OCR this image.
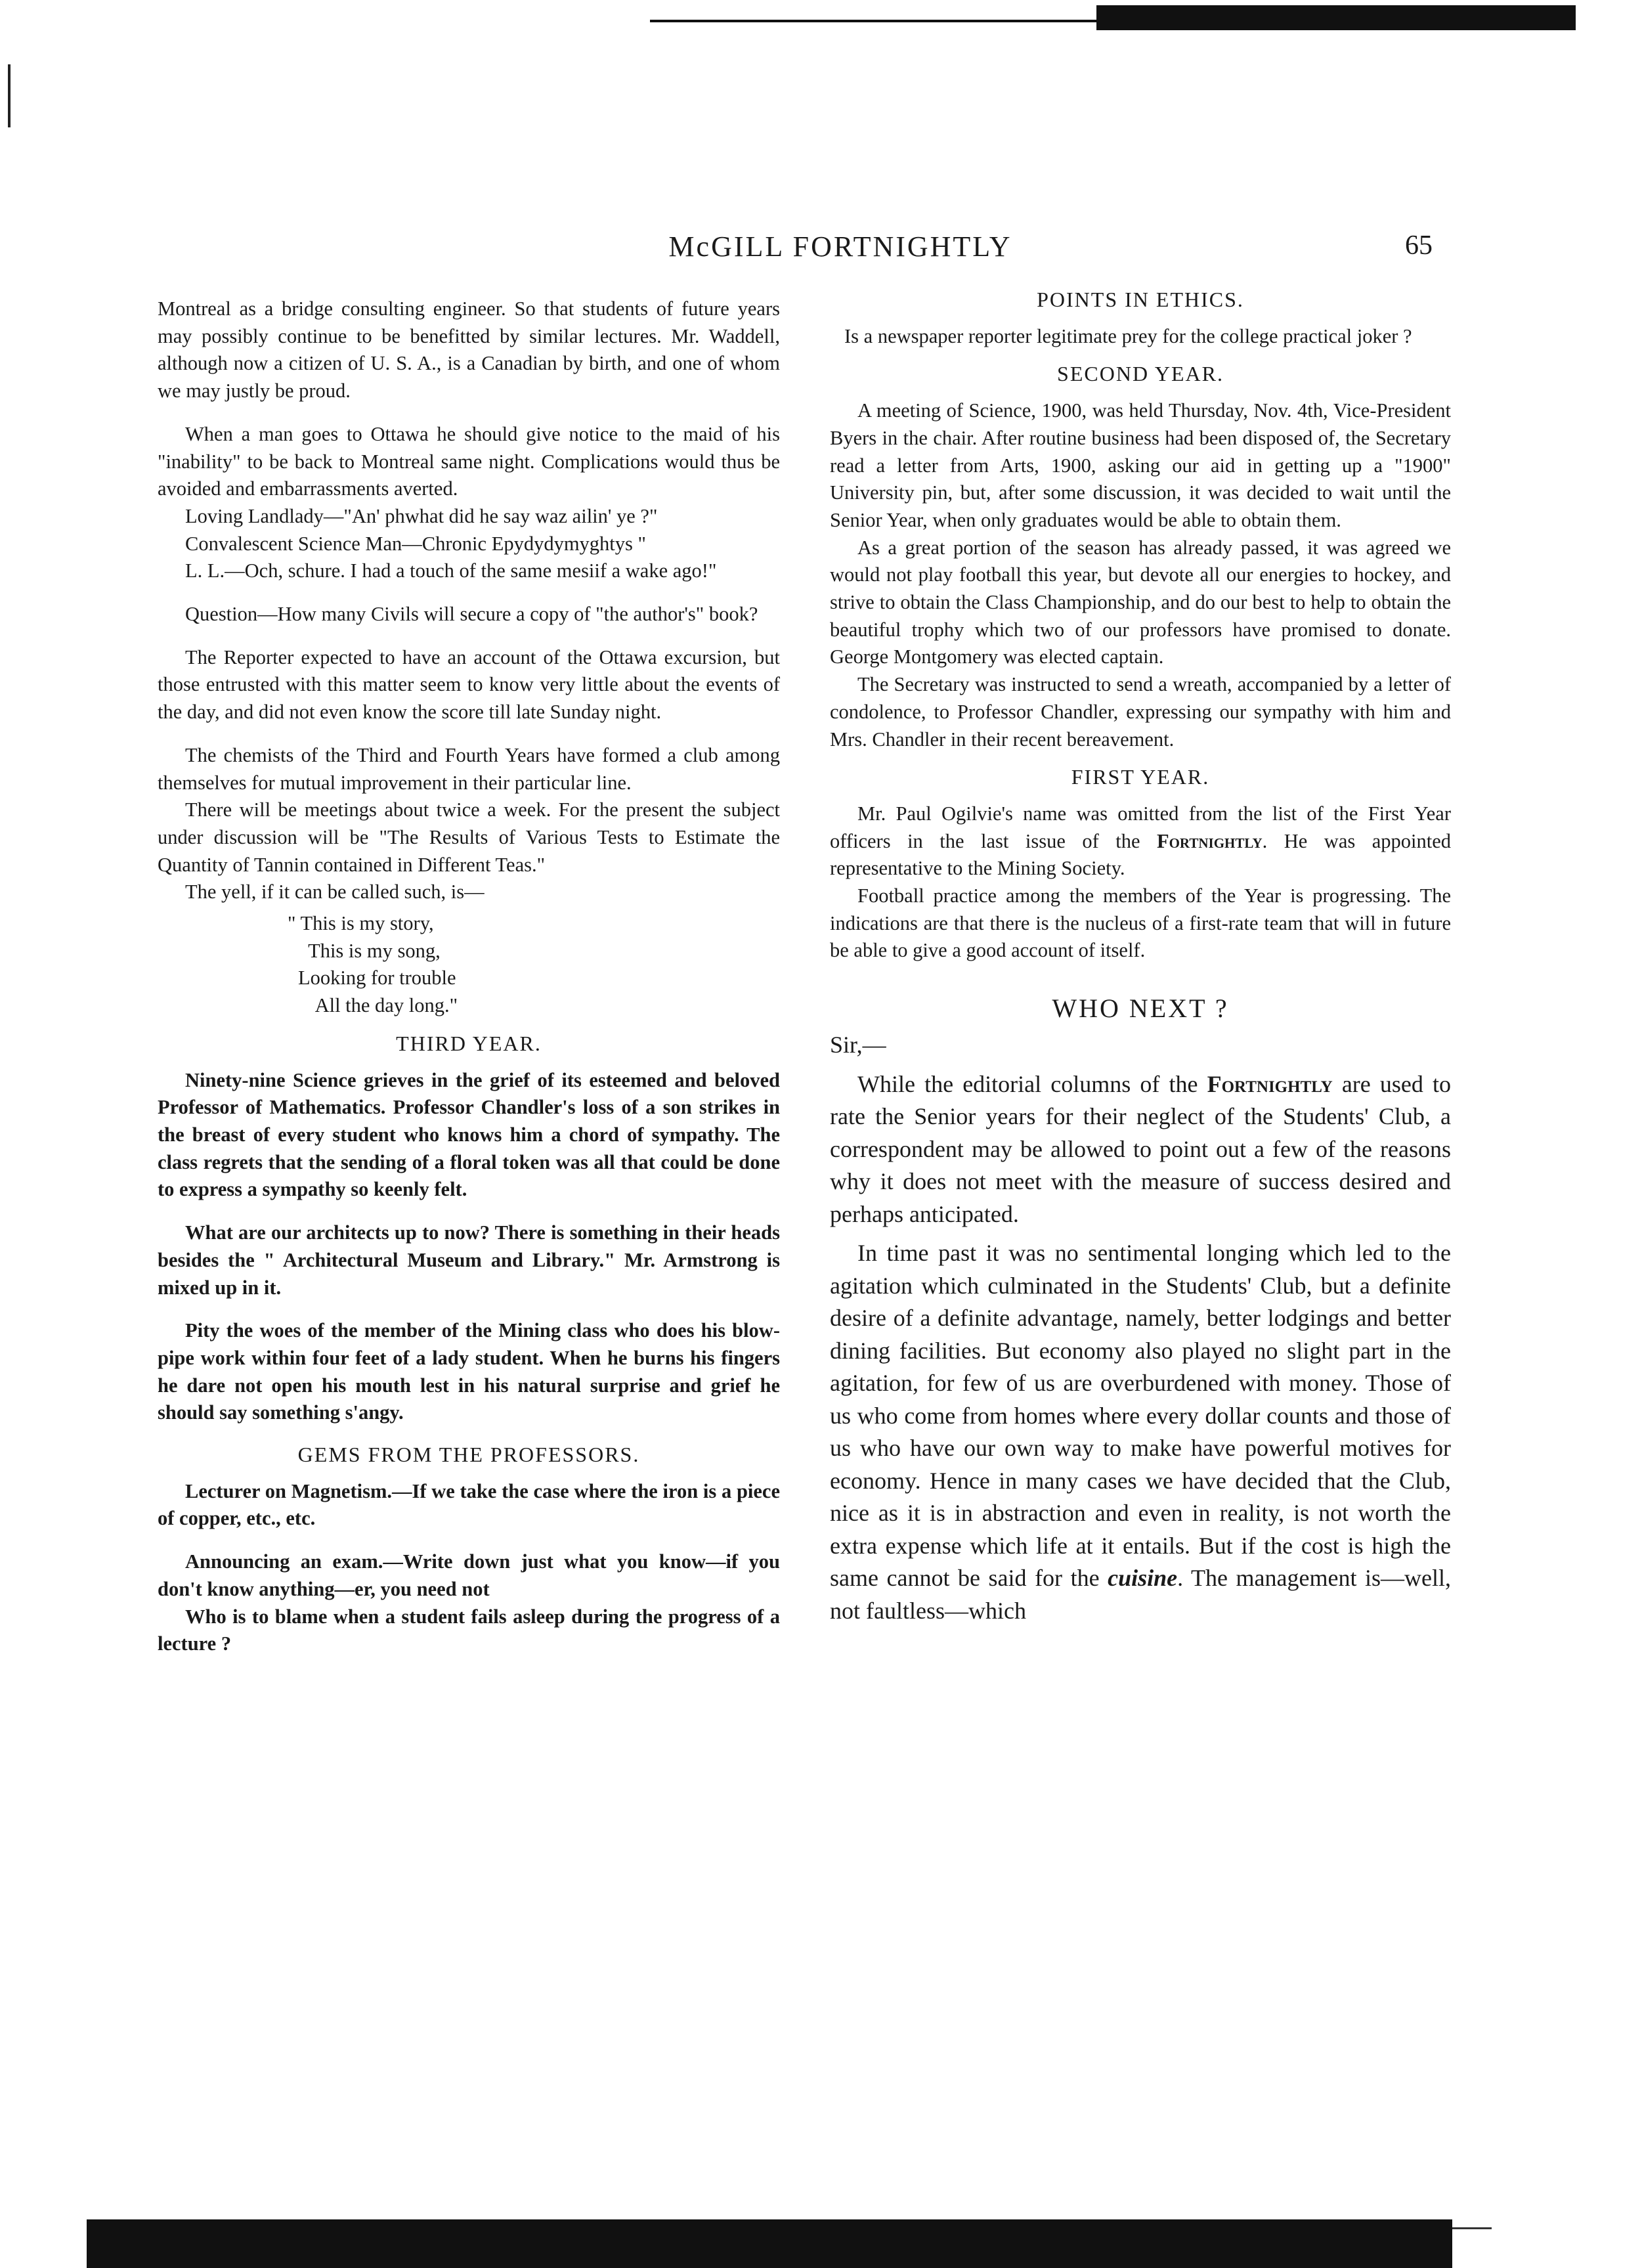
McGILL FORTNIGHTLY	65

Montreal as a bridge consulting engineer. So that students of future years may possibly continue to be benefitted by similar lectures. Mr. Waddell, although now a citizen of U. S. A., is a Canadian by birth, and one of whom we may justly be proud.

When a man goes to Ottawa he should give notice to the maid of his "inability" to be back to Montreal same night. Complications would thus be avoided and embarrassments averted.

Loving Landlady—"An' phwhat did he say waz ailin' ye ?"

Convalescent Science Man—Chronic Epydydymyghtys "

L. L.—Och, schure. I had a touch of the same mesiif a wake ago!"

Question—How many Civils will secure a copy of "the author's" book?

The Reporter expected to have an account of the Ottawa excursion, but those entrusted with this matter seem to know very little about the events of the day, and did not even know the score till late Sunday night.

The chemists of the Third and Fourth Years have formed a club among themselves for mutual improvement in their particular line.

There will be meetings about twice a week. For the present the subject under discussion will be "The Results of Various Tests to Estimate the Quantity of Tannin contained in Different Teas."

The yell, if it can be called such, is—

" This is my story,
This is my song,
Looking for trouble
All the day long."
THIRD YEAR.

Ninety-nine Science grieves in the grief of its esteemed and beloved Professor of Mathematics. Professor Chandler's loss of a son strikes in the breast of every student who knows him a chord of sympathy. The class regrets that the sending of a floral token was all that could be done to express a sympathy so keenly felt.

What are our architects up to now? There is something in their heads besides the " Architectural Museum and Library." Mr. Armstrong is mixed up in it.

Pity the woes of the member of the Mining class who does his blow-pipe work within four feet of a lady student. When he burns his fingers he dare not open his mouth lest in his natural surprise and grief he should say something s'angy.

GEMS FROM THE PROFESSORS.

Lecturer on Magnetism.—If we take the case where the iron is a piece of copper, etc., etc.

Announcing an exam.—Write down just what you know—if you don't know anything—er, you need not

Who is to blame when a student fails asleep during the progress of a lecture ?

POINTS IN ETHICS.

Is a newspaper reporter legitimate prey for the college practical joker ?

SECOND YEAR.

A meeting of Science, 1900, was held Thursday, Nov. 4th, Vice-President Byers in the chair. After routine business had been disposed of, the Secretary read a letter from Arts, 1900, asking our aid in getting up a "1900" University pin, but, after some discussion, it was decided to wait until the Senior Year, when only graduates would be able to obtain them.

As a great portion of the season has already passed, it was agreed we would not play football this year, but devote all our energies to hockey, and strive to obtain the Class Championship, and do our best to help to obtain the beautiful trophy which two of our professors have promised to donate. George Montgomery was elected captain.

The Secretary was instructed to send a wreath, accompanied by a letter of condolence, to Professor Chandler, expressing our sympathy with him and Mrs. Chandler in their recent bereavement.

FIRST YEAR.

Mr. Paul Ogilvie's name was omitted from the list of the First Year officers in the last issue of the Fortnightly. He was appointed representative to the Mining Society.

Football practice among the members of the Year is progressing. The indications are that there is the nucleus of a first-rate team that will in future be able to give a good account of itself.

WHO NEXT ?

Sir,—

While the editorial columns of the Fortnightly are used to rate the Senior years for their neglect of the Students' Club, a correspondent may be allowed to point out a few of the reasons why it does not meet with the measure of success desired and perhaps anticipated.

In time past it was no sentimental longing which led to the agitation which culminated in the Students' Club, but a definite desire of a definite advantage, namely, better lodgings and better dining facilities. But economy also played no slight part in the agitation, for few of us are overburdened with money. Those of us who come from homes where every dollar counts and those of us who have our own way to make have powerful motives for economy. Hence in many cases we have decided that the Club, nice as it is in abstraction and even in reality, is not worth the extra expense which life at it entails. But if the cost is high the same cannot be said for the cuisine. The management is—well, not faultless—which
